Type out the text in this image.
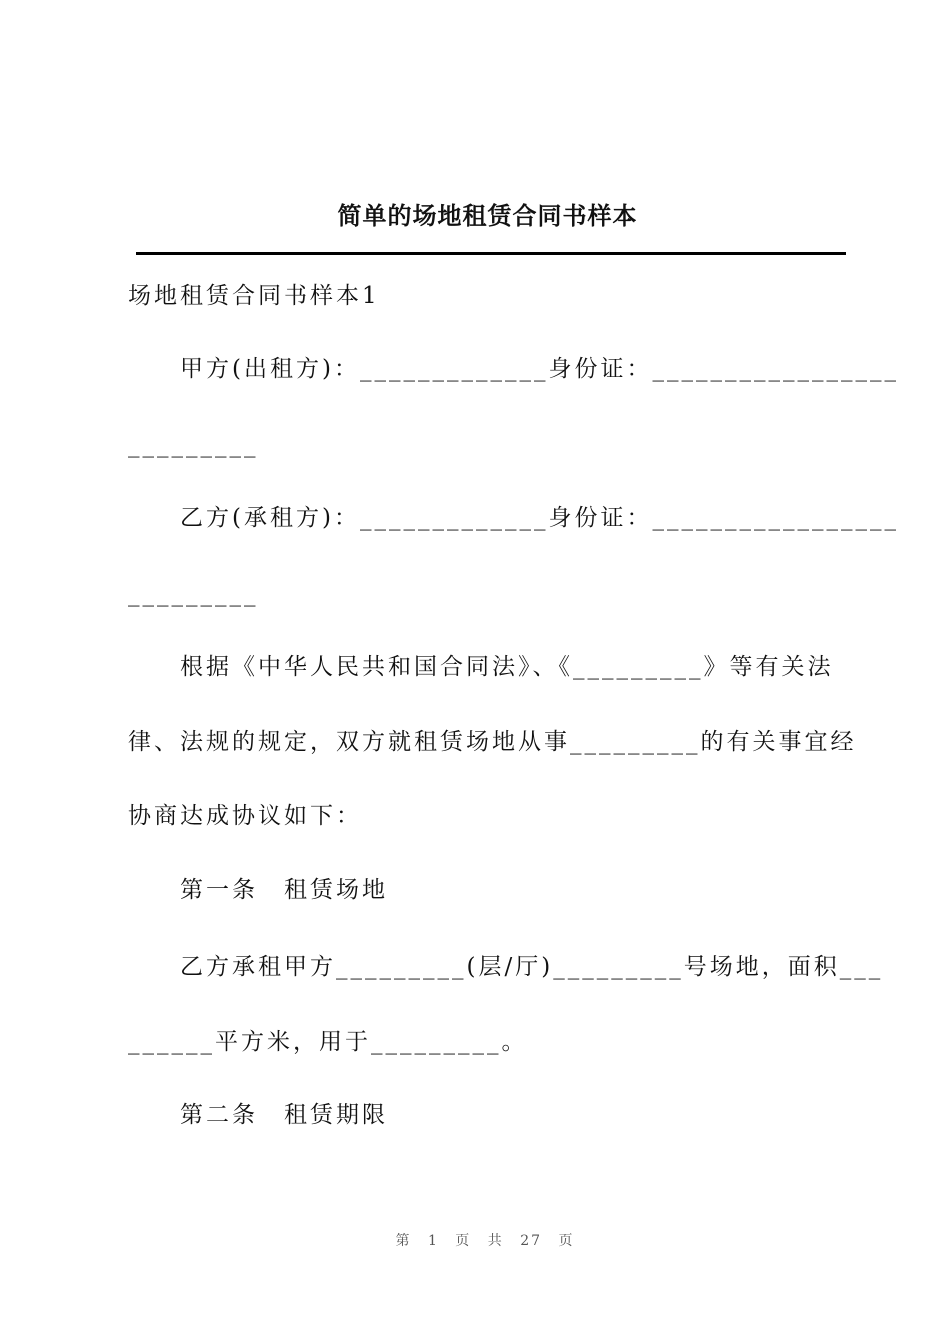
简单的场地租赁合同书样本
场地租赁合同书样本1
甲方(出租方)：_____________身份证：_________________
_________
乙方(承租方)：_____________身份证：_________________
_________
根据《中华人民共和国合同法》、《_________》等有关法
律、法规的规定，双方就租赁场地从事_________的有关事宜经
协商达成协议如下：
第一条　租赁场地
乙方承租甲方_________(层/厅)_________号场地，面积___
______平方米，用于_________。
第二条　租赁期限
第 1 页 共 27 页
